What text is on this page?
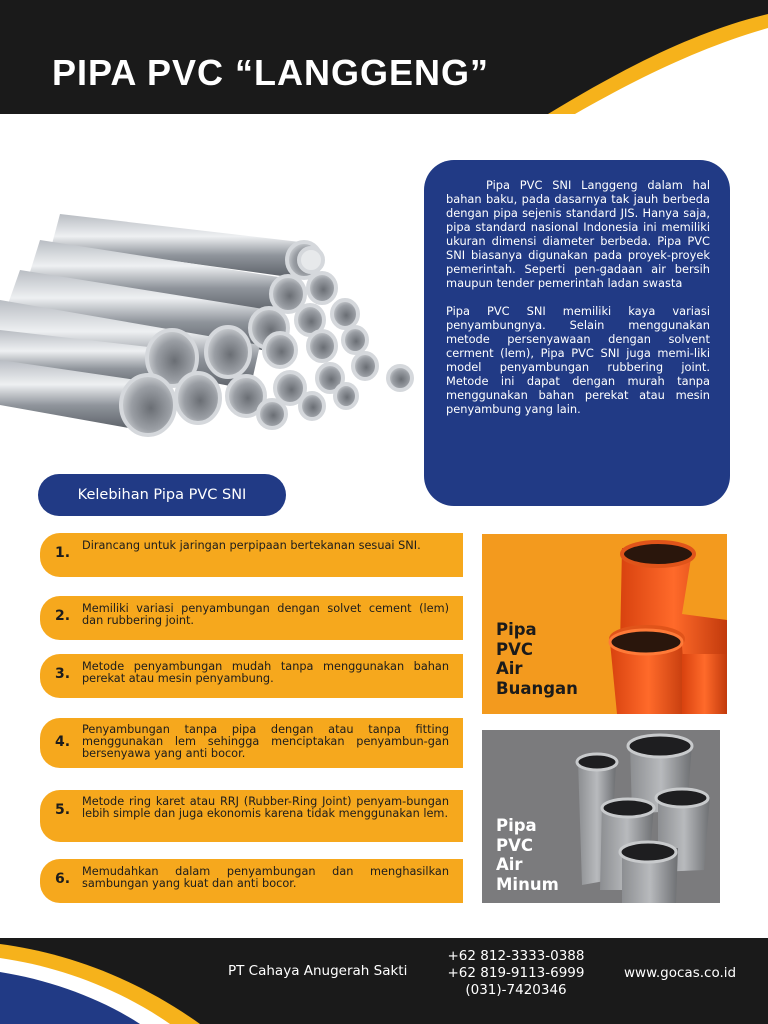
PIPA PVC “LANGGENG”

Pipa PVC SNI Langgeng dalam hal bahan baku, pada dasarnya tak jauh berbeda dengan pipa sejenis standard JIS. Hanya saja, pipa standard nasional Indonesia ini memiliki ukuran dimensi diameter berbeda. Pipa PVC SNI biasanya digunakan pada proyek-proyek pemerintah. Seperti pen-gadaan air bersih maupun tender pemerintah ladan swasta

Pipa PVC SNI memiliki kaya variasi penyambungnya. Selain menggunakan metode persenyawaan dengan solvent cerment (lem), Pipa PVC SNI juga memi-liki model penyambungan rubbering joint. Metode ini dapat dengan murah tanpa menggunakan bahan perekat atau mesin penyambung yang lain.

Kelebihan Pipa PVC SNI
1. Dirancang untuk jaringan perpipaan bertekanan sesuai SNI.
2. Memiliki variasi penyambungan dengan solvet cement (lem) dan rubbering joint.
3. Metode penyambungan mudah tanpa menggunakan bahan perekat atau mesin penyambung.
4.
Penyambungan tanpa pipa dengan atau tanpa fitting menggunakan lem sehingga menciptakan penyambun-gan bersenyawa yang anti bocor.
5.
Metode ring karet atau RRJ (Rubber-Ring Joint) penyam-bungan lebih simple dan juga ekonomis karena tidak menggunakan lem.
6. Memudahkan dalam penyambungan dan menghasilkan sambungan yang kuat dan anti bocor.
Pipa
PVC
Air
Buangan
Pipa
PVC
Air
Minum
PT Cahaya Anugerah Sakti
+62 812-3333-0388
+62 819-9113-6999
(031)-7420346
www.gocas.co.id
